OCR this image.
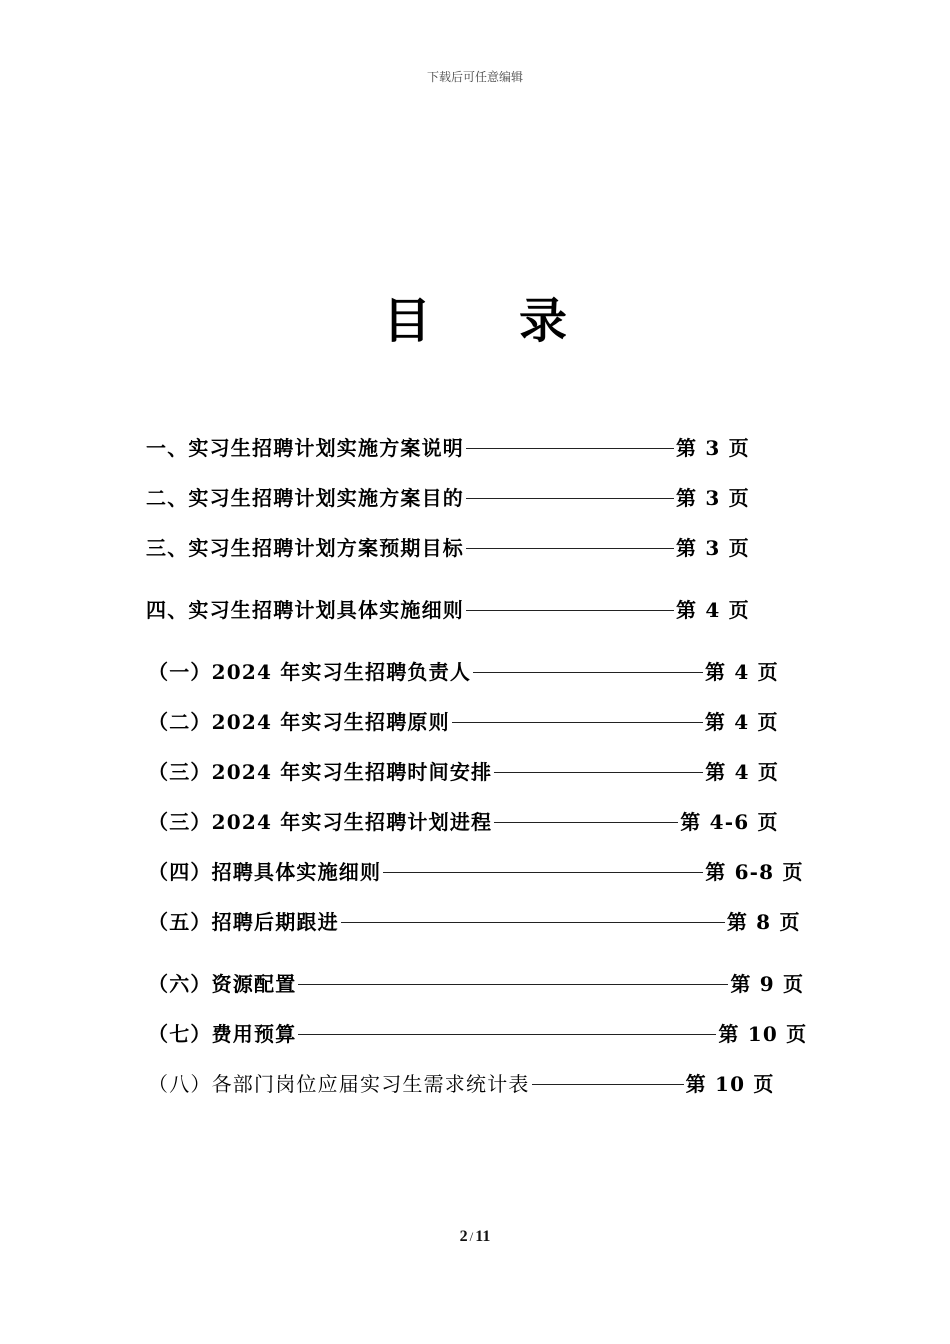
下载后可任意编辑
目录
一、实习生招聘计划实施方案说明	第 3 页
二、实习生招聘计划实施方案目的	第 3 页
三、实习生招聘计划方案预期目标	第 3 页
四、实习生招聘计划具体实施细则	第 4 页
（一）2024 年实习生招聘负责人	第 4 页
（二）2024 年实习生招聘原则	第 4 页
（三）2024 年实习生招聘时间安排	第 4 页
（三）2024 年实习生招聘计划进程	第 4-6 页
（四）招聘具体实施细则	第 6-8 页
（五）招聘后期跟进	第 8 页
（六）资源配置	第 9 页
（七）费用预算	第 10 页
（八）各部门岗位应届实习生需求统计表	第 10 页
2 / 11
